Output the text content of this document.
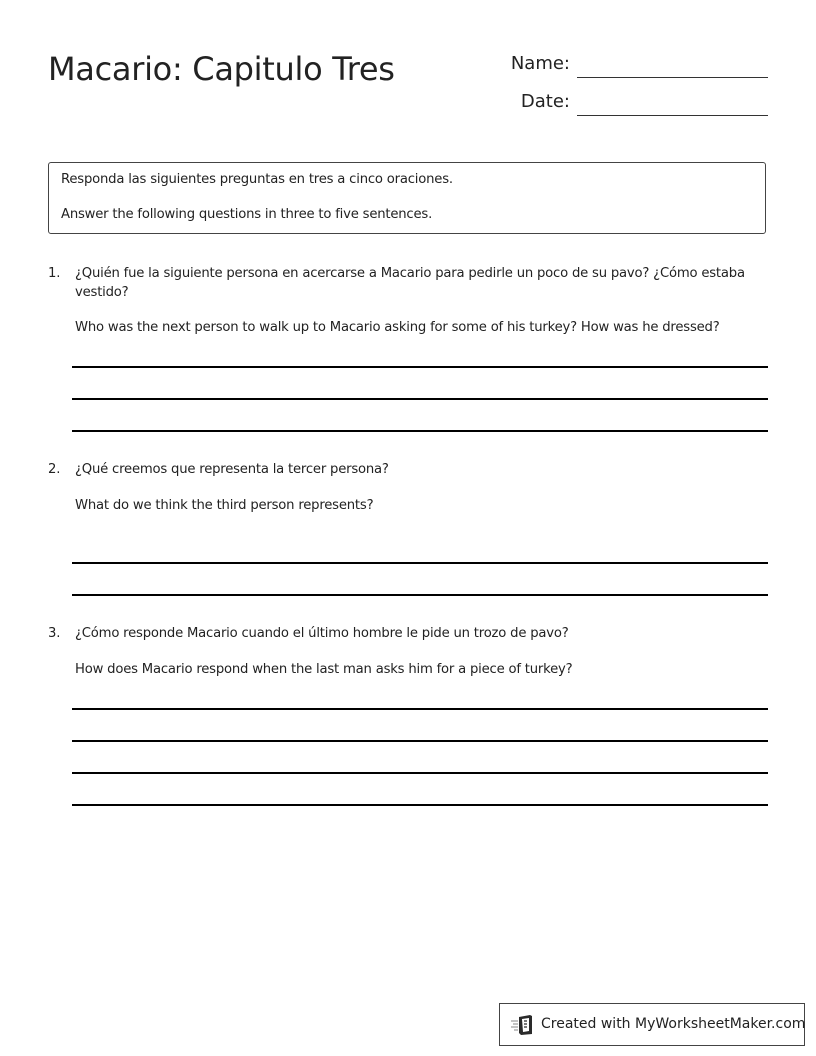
Macario: Capitulo Tres	Name:
Date:
Responda las siguientes preguntas en tres a cinco oraciones.
Answer the following questions in three to five sentences.
1. ¿Quién fue la siguiente persona en acercarse a Macario para pedirle un poco de su pavo? ¿Cómo estaba vestido?
Who was the next person to walk up to Macario asking for some of his turkey? How was he dressed?
2. ¿Qué creemos que representa la tercer persona?
What do we think the third person represents?
3. ¿Cómo responde Macario cuando el último hombre le pide un trozo de pavo?
How does Macario respond when the last man asks him for a piece of turkey?
Created with MyWorksheetMaker.com
